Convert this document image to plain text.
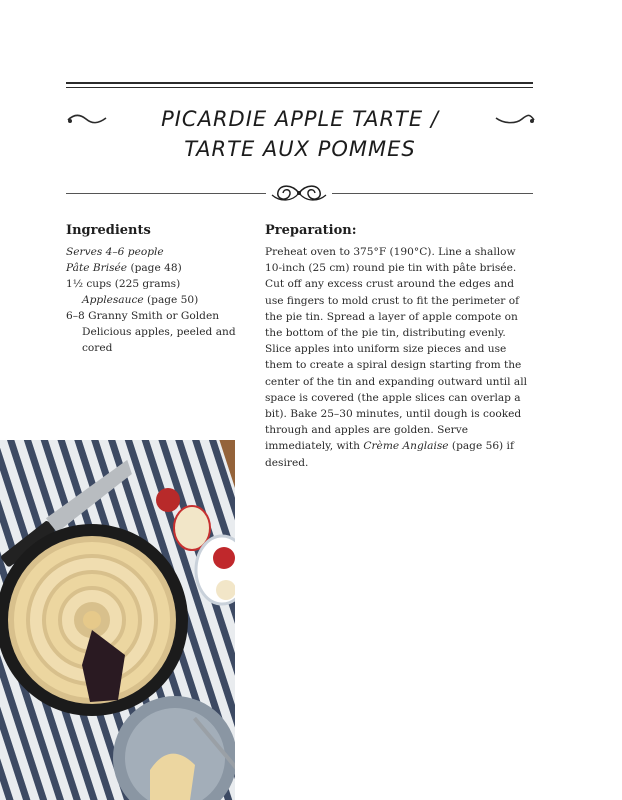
PICARDIE APPLE TARTE /
TARTE AUX POMMES
Ingredients
Serves 4–6 people
Pâte Brisée (page 48)
1½ cups (225 grams) Applesauce (page 50)
6–8 Granny Smith or Golden Delicious apples, peeled and cored
Preparation:

Preheat oven to 375°F (190°C). Line a shallow 10-inch (25 cm) round pie tin with pâte brisée. Cut off any excess crust around the edges and use fingers to mold crust to fit the perimeter of the pie tin. Spread a layer of apple compote on the bottom of the pie tin, distributing evenly. Slice apples into uniform size pieces and use them to create a spiral design starting from the center of the tin and expanding outward until all space is covered (the apple slices can overlap a bit). Bake 25–30 minutes, until dough is cooked through and apples are golden. Serve immediately, with Crème Anglaise (page 56) if desired.
